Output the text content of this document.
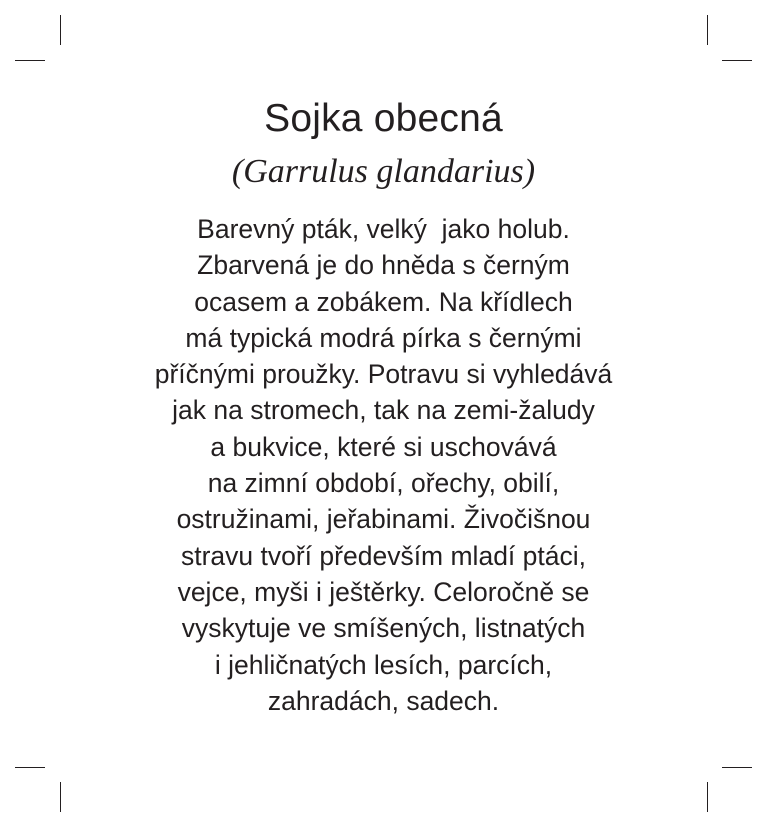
Sojka obecná

(Garrulus glandarius)

Barevný pták, velký  jako holub.
Zbarvená je do hněda s černým
ocasem a zobákem. Na křídlech
má typická modrá pírka s černými
příčnými proužky. Potravu si vyhledává
jak na stromech, tak na zemi-žaludy
a bukvice, které si uschovává
na zimní období, ořechy, obilí,
ostružinami, jeřabinami. Živočišnou
stravu tvoří především mladí ptáci,
vejce, myši i ještěrky. Celoročně se
vyskytuje ve smíšených, listnatých
i jehličnatých lesích, parcích,
zahradách, sadech.
